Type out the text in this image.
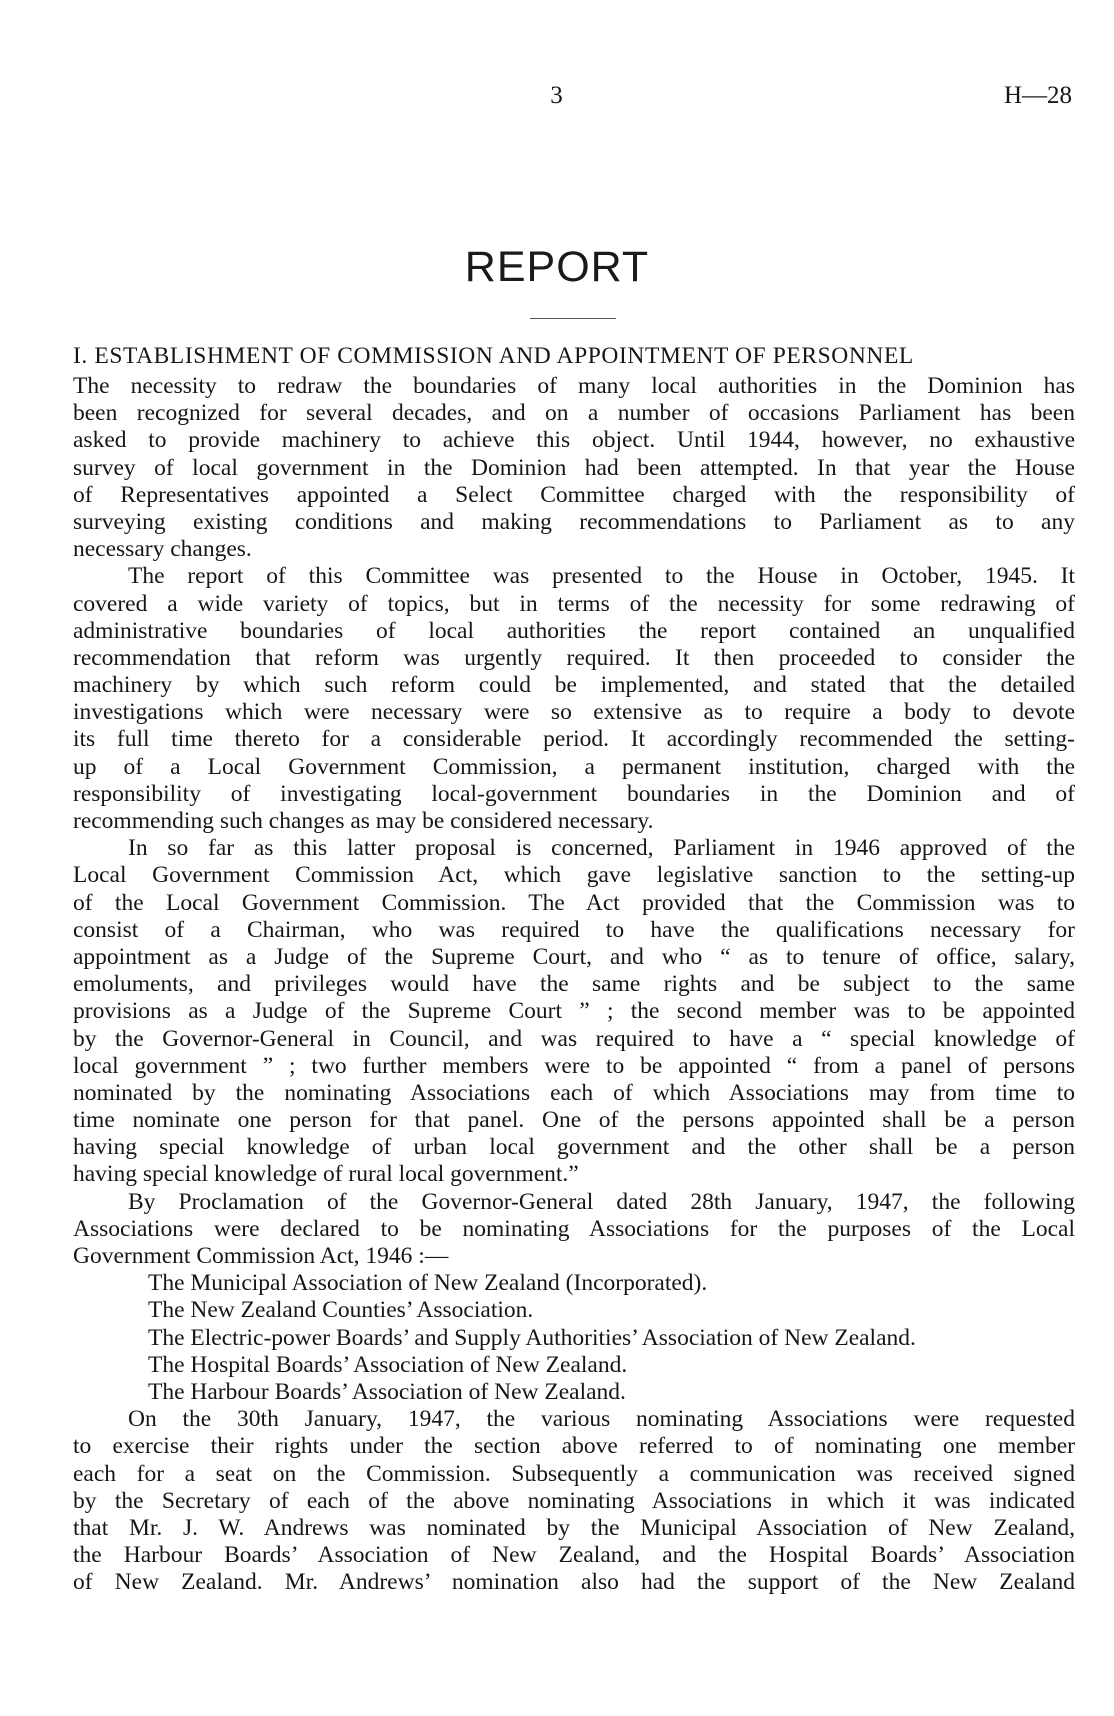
3	H—28
REPORT
I. ESTABLISHMENT OF COMMISSION AND APPOINTMENT OF PERSONNEL
The necessity to redraw the boundaries of many local authorities in the Dominion has
been recognized for several decades, and on a number of occasions Parliament has been
asked to provide machinery to achieve this object. Until 1944, however, no exhaustive
survey of local government in the Dominion had been attempted. In that year the House
of Representatives appointed a Select Committee charged with the responsibility of
surveying existing conditions and making recommendations to Parliament as to any
necessary changes.
The report of this Committee was presented to the House in October, 1945. It
covered a wide variety of topics, but in terms of the necessity for some redrawing of
administrative boundaries of local authorities the report contained an unqualified
recommendation that reform was urgently required. It then proceeded to consider the
machinery by which such reform could be implemented, and stated that the detailed
investigations which were necessary were so extensive as to require a body to devote
its full time thereto for a considerable period. It accordingly recommended the setting-
up of a Local Government Commission, a permanent institution, charged with the
responsibility of investigating local-government boundaries in the Dominion and of
recommending such changes as may be considered necessary.
In so far as this latter proposal is concerned, Parliament in 1946 approved of the
Local Government Commission Act, which gave legislative sanction to the setting-up
of the Local Government Commission. The Act provided that the Commission was to
consist of a Chairman, who was required to have the qualifications necessary for
appointment as a Judge of the Supreme Court, and who “ as to tenure of office, salary,
emoluments, and privileges would have the same rights and be subject to the same
provisions as a Judge of the Supreme Court ” ; the second member was to be appointed
by the Governor-General in Council, and was required to have a “ special knowledge of
local government ” ; two further members were to be appointed “ from a panel of persons
nominated by the nominating Associations each of which Associations may from time to
time nominate one person for that panel. One of the persons appointed shall be a person
having special knowledge of urban local government and the other shall be a person
having special knowledge of rural local government.”
By Proclamation of the Governor-General dated 28th January, 1947, the following
Associations were declared to be nominating Associations for the purposes of the Local
Government Commission Act, 1946 :—
The Municipal Association of New Zealand (Incorporated).
The New Zealand Counties’ Association.
The Electric-power Boards’ and Supply Authorities’ Association of New Zealand.
The Hospital Boards’ Association of New Zealand.
The Harbour Boards’ Association of New Zealand.
On the 30th January, 1947, the various nominating Associations were requested
to exercise their rights under the section above referred to of nominating one member
each for a seat on the Commission. Subsequently a communication was received signed
by the Secretary of each of the above nominating Associations in which it was indicated
that Mr. J. W. Andrews was nominated by the Municipal Association of New Zealand,
the Harbour Boards’ Association of New Zealand, and the Hospital Boards’ Association
of New Zealand. Mr. Andrews’ nomination also had the support of the New Zealand
